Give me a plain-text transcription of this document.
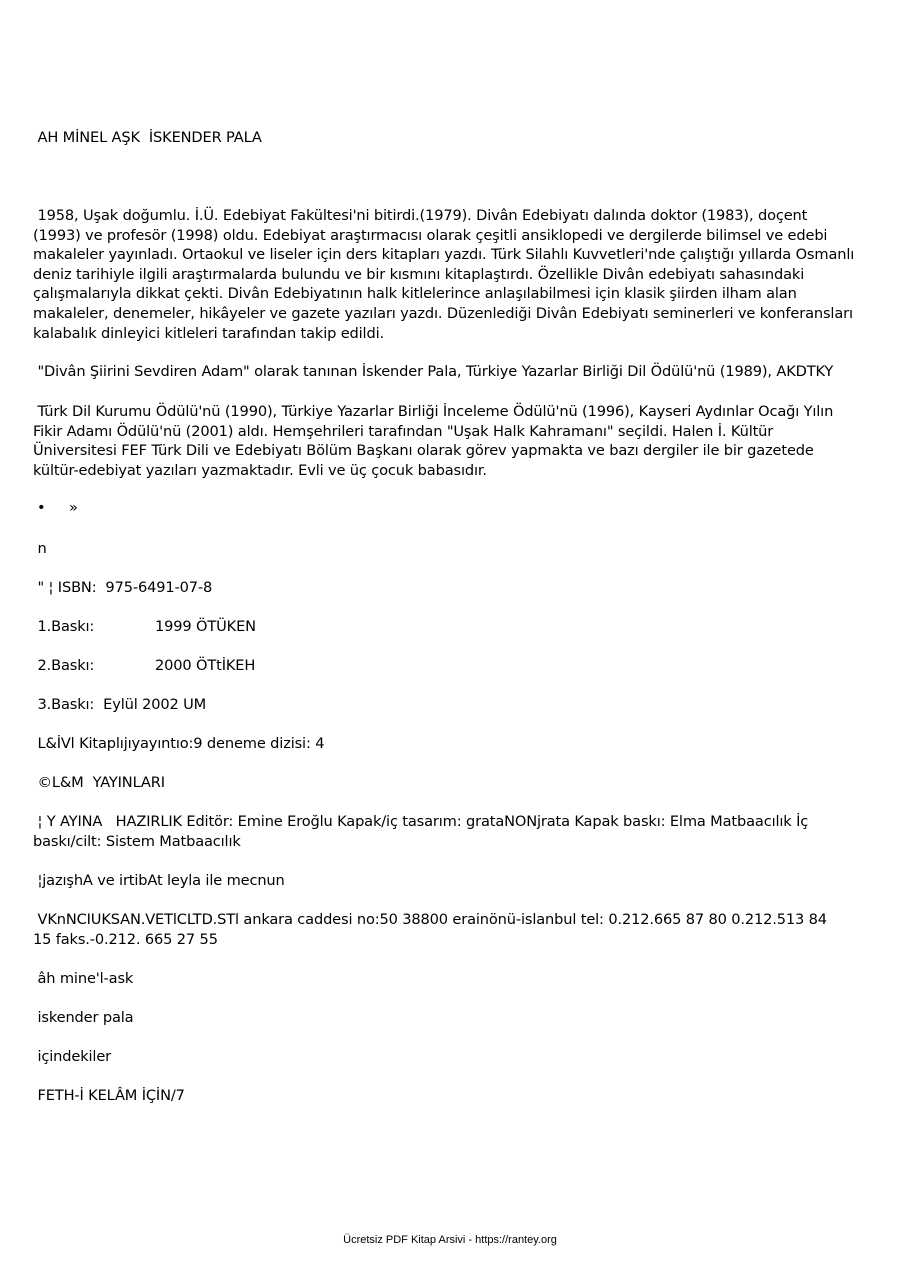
AH MİNEL AŞK  İSKENDER PALA
1958, Uşak doğumlu. İ.Ü. Edebiyat Fakültesi'ni bitirdi.(1979). Divân Edebiyatı dalında doktor (1983), doçent
(1993) ve profesör (1998) oldu. Edebiyat araştırmacısı olarak çeşitli ansiklopedi ve dergilerde bilimsel ve edebi
makaleler yayınladı. Ortaokul ve liseler için ders kitapları yazdı. Türk Silahlı Kuvvetleri'nde çalıştığı yıllarda Osmanlı
deniz tarihiyle ilgili araştırmalarda bulundu ve bir kısmını kitaplaştırdı. Özellikle Divân edebiyatı sahasındaki
çalışmalarıyla dikkat çekti. Divân Edebiyatının halk kitlelerince anlaşılabilmesi için klasik şiirden ilham alan
makaleler, denemeler, hikâyeler ve gazete yazıları yazdı. Düzenlediği Divân Edebiyatı seminerleri ve konferansları
kalabalık dinleyici kitleleri tarafından takip edildi.
"Divân Şiirini Sevdiren Adam" olarak tanınan İskender Pala, Türkiye Yazarlar Birliği Dil Ödülü'nü (1989), AKDTKY
Türk Dil Kurumu Ödülü'nü (1990), Türkiye Yazarlar Birliği İnceleme Ödülü'nü (1996), Kayseri Aydınlar Ocağı Yılın
Fikir Adamı Ödülü'nü (2001) aldı. Hemşehrileri tarafından "Uşak Halk Kahramanı" seçildi. Halen İ. Kültür
Üniversitesi FEF Türk Dili ve Edebiyatı Bölüm Başkanı olarak görev yapmakta ve bazı dergiler ile bir gazetede
kültür-edebiyat yazıları yazmaktadır. Evli ve üç çocuk babasıdır.

•

»

n
" ¦ ISBN:  975-6491-07-8
1.Baskı:	1999 ÖTÜKEN
2.Baskı:	2000 ÖTtİKEH
3.Baskı:  Eylül 2002 UM
L&İVl Kitaplıjıyayıntıo:9 deneme dizisi: 4
©L&M  YAYINLARI
¦ Y AYINA   HAZIRLIK Editör: Emine Eroğlu Kapak/iç tasarım: grataNONjrata Kapak baskı: Elma Matbaacılık İç
baskı/cilt: Sistem Matbaacılık
¦jazışhA ve irtibAt leyla ile mecnun
VKnNCIUKSAN.VETlCLTD.STl ankara caddesi no:50 38800 erainönü-islanbul tel: 0.212.665 87 80 0.212.513 84
15 faks.-0.212. 665 27 55
âh mine'l-ask
iskender pala
içindekiler
FETH-İ KELÂM İÇİN/7
Ücretsiz PDF Kitap Arsivi - https://rantey.org
